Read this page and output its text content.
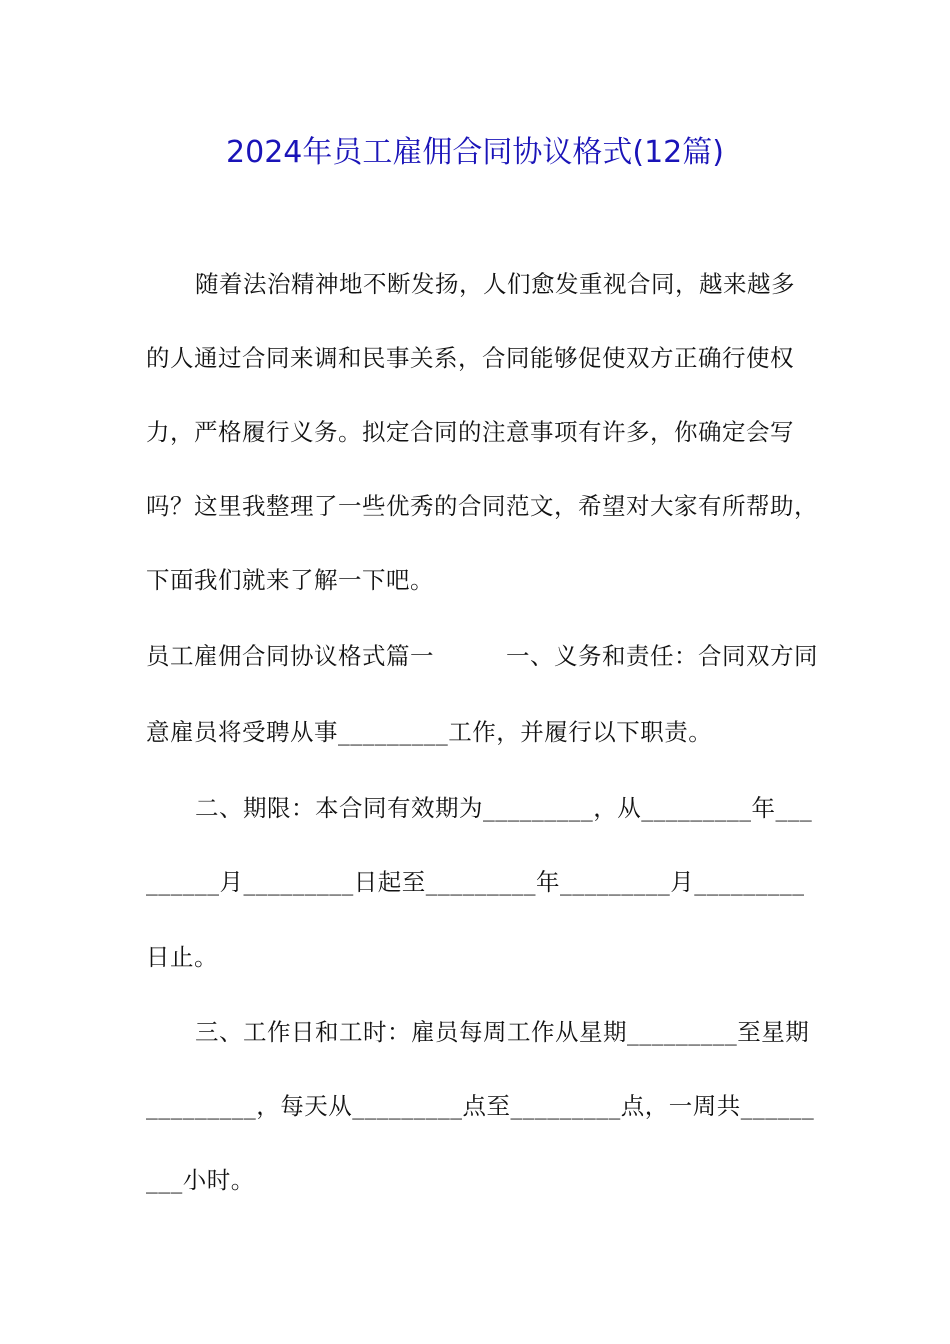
2024年员工雇佣合同协议格式(12篇)
随着法治精神地不断发扬，人们愈发重视合同，越来越多
的人通过合同来调和民事关系，合同能够促使双方正确行使权
力，严格履行义务。拟定合同的注意事项有许多，你确定会写
吗？这里我整理了一些优秀的合同范文，希望对大家有所帮助，
下面我们就来了解一下吧。
员工雇佣合同协议格式篇一　　　一、义务和责任：合同双方同
意雇员将受聘从事_________工作，并履行以下职责。
二、期限：本合同有效期为_________，从_________年___
______月_________日起至_________年_________月_________
日止。
三、工作日和工时：雇员每周工作从星期_________至星期
_________，每天从_________点至_________点，一周共______
___小时。
